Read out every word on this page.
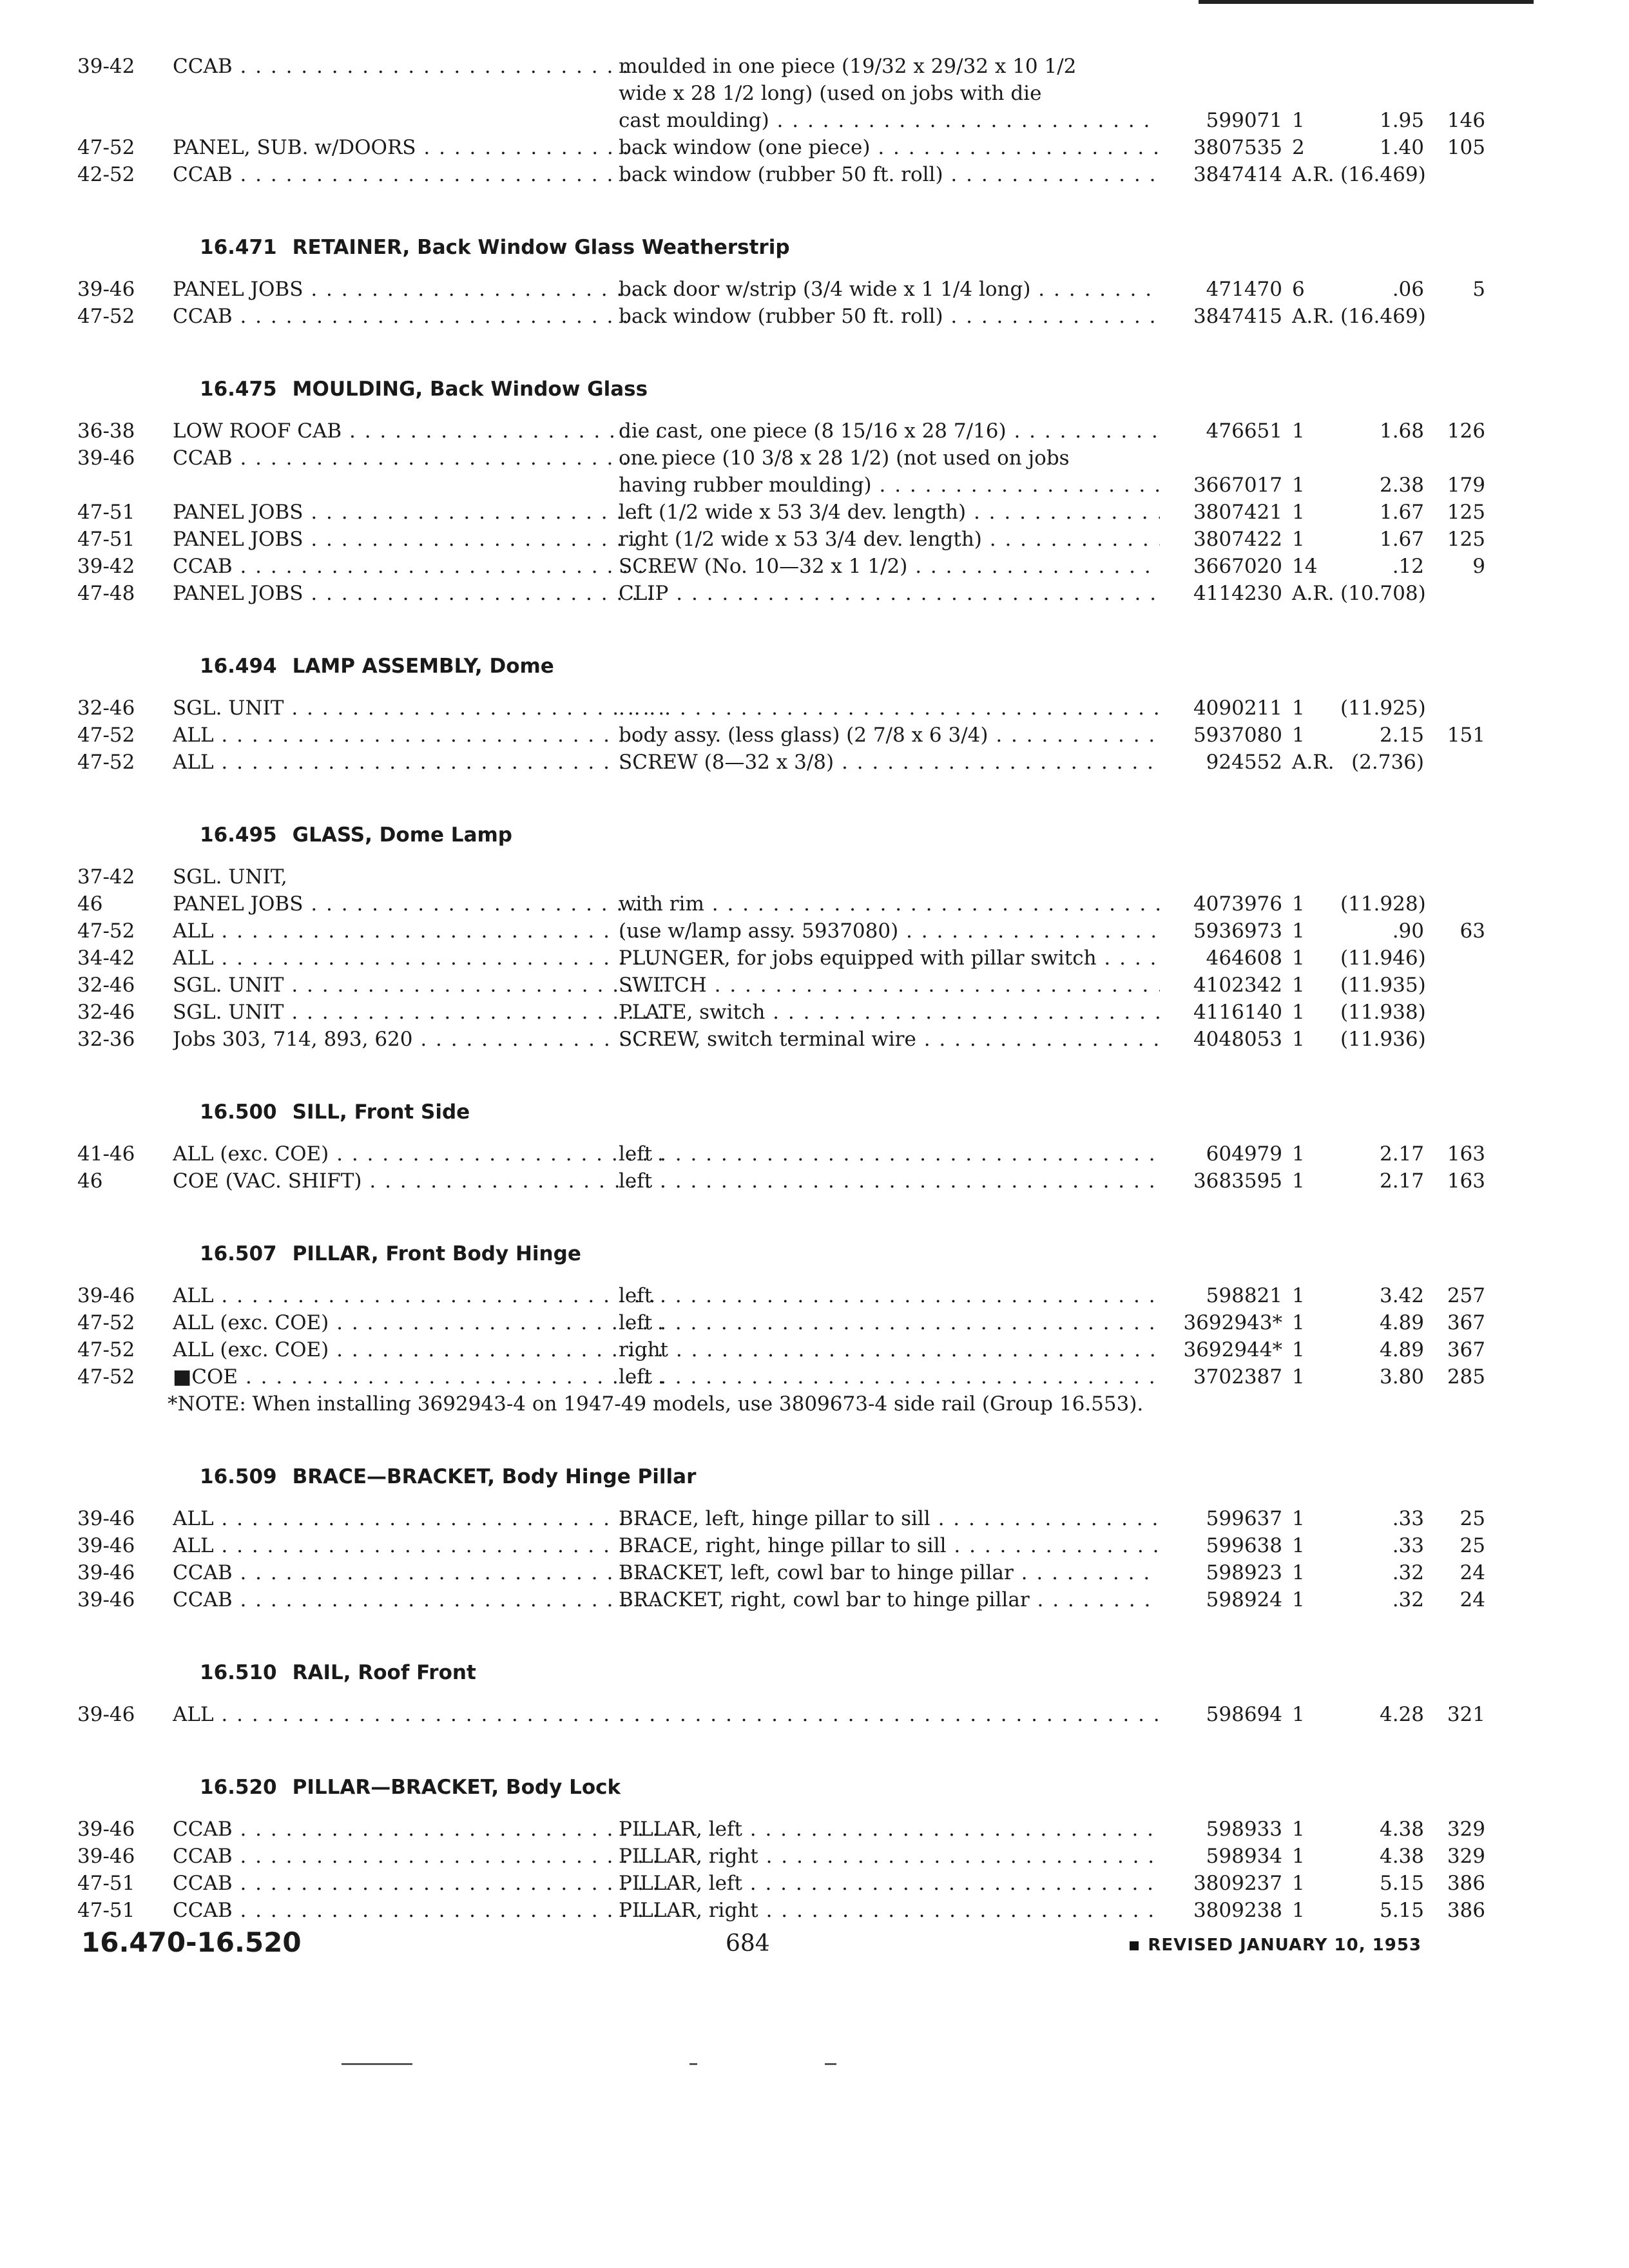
39-42	CCAB . . .	moulded in one piece (19/32 x 29/32 x 10 1/2
wide x 28 1/2 long) (used on jobs with die
cast moulding) . . .	599071 1	1.95	146
47-52	PANEL, SUB. w/DOORS . . .	back window (one piece) . . .	3807535 2	1.40	105
42-52	CCAB . . .	back window (rubber 50 ft. roll) . . .	3847414 A.R. (16.469)
16.471 RETAINER, Back Window Glass Weatherstrip
39-46	PANEL JOBS . . .	back door w/strip (3/4 wide x 1 1/4 long) . . .	471470 6	.06	5
47-52	CCAB . . .	back window (rubber 50 ft. roll) . . .	3847415 A.R. (16.469)
16.475 MOULDING, Back Window Glass
36-38	LOW ROOF CAB . . .	die cast, one piece (8 15/16 x 28 7/16) . . .	476651 1	1.68	126
39-46	CCAB . . .	one piece (10 3/8 x 28 1/2) (not used on jobs
having rubber moulding) . . .	3667017 1	2.38	179
47-51	PANEL JOBS . . .	left (1/2 wide x 53 3/4 dev. length) . . .	3807421 1	1.67	125
47-51	PANEL JOBS . . .	right (1/2 wide x 53 3/4 dev. length) . . .	3807422 1	1.67	125
39-42	CCAB . . .	SCREW (No. 10—32 x 1 1/2) . . .	3667020 14	.12	9
47-48	PANEL JOBS . . .	CLIP . . .	4114230 A.R. (10.708)
16.494 LAMP ASSEMBLY, Dome
32-46	SGL. UNIT . . . . . .	4090211 1	(11.925)
47-52	ALL . . .	body assy. (less glass) (2 7/8 x 6 3/4) . . .	5937080 1	2.15	151
47-52	ALL . . .	SCREW (8—32 x 3/8) . . .	924552 A.R. (2.736)
16.495 GLASS, Dome Lamp
37-42	SGL. UNIT,
46	PANEL JOBS . . .	with rim . . .	4073976 1	(11.928)
47-52	ALL . . .	(use w/lamp assy. 5937080) . . .	5936973 1	.90	63
34-42	ALL . . .	PLUNGER, for jobs equipped with pillar switch . . .	464608 1	(11.946)
32-46	SGL. UNIT . . .	SWITCH . . .	4102342 1	(11.935)
32-46	SGL. UNIT . . .	PLATE, switch . . .	4116140 1	(11.938)
32-36	Jobs 303, 714, 893, 620 . . .	SCREW, switch terminal wire . . .	4048053 1	(11.936)
16.500 SILL, Front Side
41-46	ALL (exc. COE) . . .	left . . .	604979 1	2.17	163
46	COE (VAC. SHIFT) . . .	left . . .	3683595 1	2.17	163
16.507 PILLAR, Front Body Hinge
39-46	ALL . . .	left . . .	598821 1	3.42	257
47-52	ALL (exc. COE) . . .	left . . .	3692943* 1	4.89	367
47-52	ALL (exc. COE) . . .	right . . .	3692944* 1	4.89	367
47-52	■COE . . .	left . . .	3702387 1	3.80	285
*NOTE: When installing 3692943-4 on 1947-49 models, use 3809673-4 side rail (Group 16.553).
16.509 BRACE—BRACKET, Body Hinge Pillar
39-46	ALL . . .	BRACE, left, hinge pillar to sill . . .	599637 1	.33	25
39-46	ALL . . .	BRACE, right, hinge pillar to sill . . .	599638 1	.33	25
39-46	CCAB . . .	BRACKET, left, cowl bar to hinge pillar . . .	598923 1	.32	24
39-46	CCAB . . .	BRACKET, right, cowl bar to hinge pillar . . .	598924 1	.32	24
16.510 RAIL, Roof Front
39-46	ALL . . . . . .	598694 1	4.28	321
16.520 PILLAR—BRACKET, Body Lock
39-46	CCAB . . .	PILLAR, left . . .	598933 1	4.38	329
39-46	CCAB . . .	PILLAR, right . . .	598934 1	4.38	329
47-51	CCAB . . .	PILLAR, left . . .	3809237 1	5.15	386
47-51	CCAB . . .	PILLAR, right . . .	3809238 1	5.15	386
16.470-16.520	684	REVISED JANUARY 10, 1953
